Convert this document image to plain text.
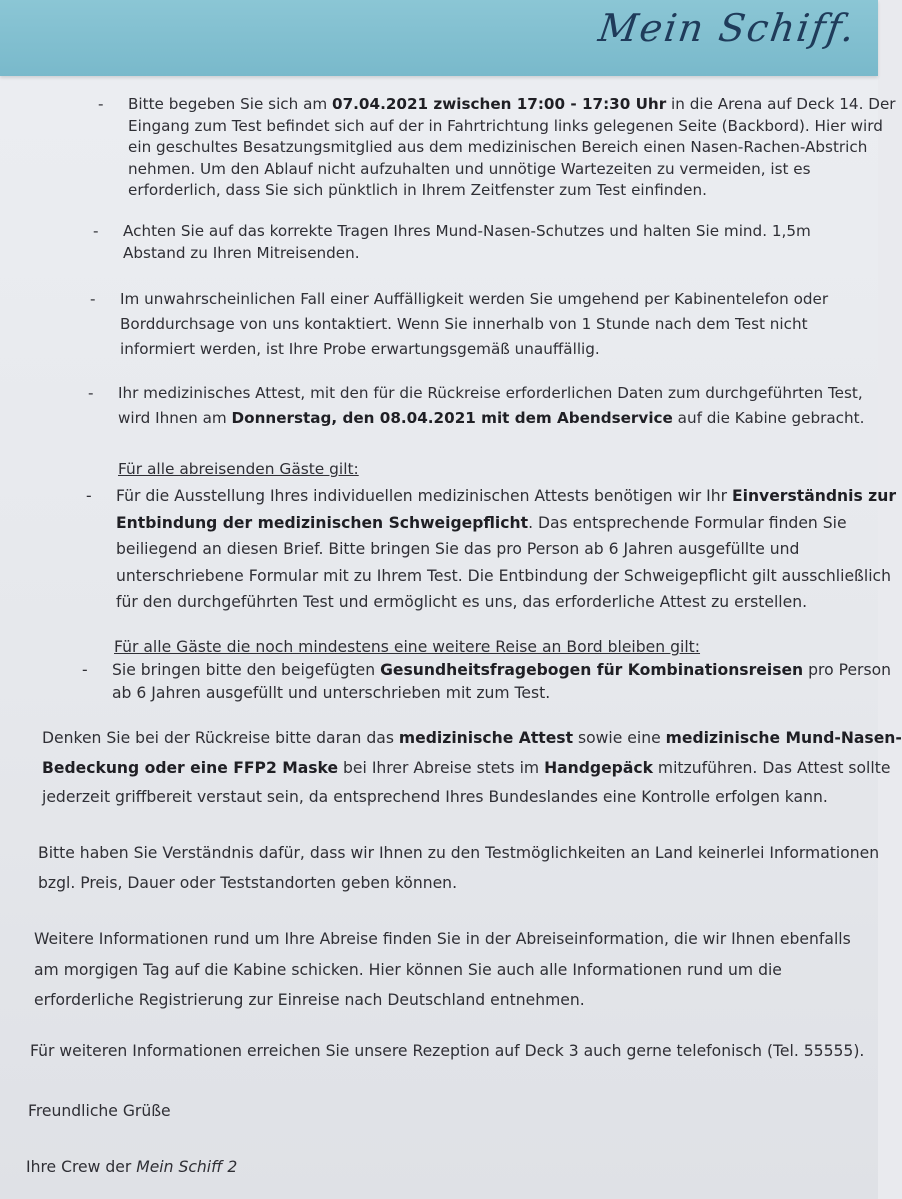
Mein Schiff.
- Bitte begeben Sie sich am 07.04.2021 zwischen 17:00 - 17:30 Uhr in die Arena auf Deck 14. Der
Eingang zum Test befindet sich auf der in Fahrtrichtung links gelegenen Seite (Backbord). Hier wird
ein geschultes Besatzungsmitglied aus dem medizinischen Bereich einen Nasen-Rachen-Abstrich
nehmen. Um den Ablauf nicht aufzuhalten und unnötige Wartezeiten zu vermeiden, ist es
erforderlich, dass Sie sich pünktlich in Ihrem Zeitfenster zum Test einfinden.
- Achten Sie auf das korrekte Tragen Ihres Mund-Nasen-Schutzes und halten Sie mind. 1,5m
Abstand zu Ihren Mitreisenden.
- Im unwahrscheinlichen Fall einer Auffälligkeit werden Sie umgehend per Kabinentelefon oder
Borddurchsage von uns kontaktiert. Wenn Sie innerhalb von 1 Stunde nach dem Test nicht
informiert werden, ist Ihre Probe erwartungsgemäß unauffällig.
- Ihr medizinisches Attest, mit den für die Rückreise erforderlichen Daten zum durchgeführten Test,
wird Ihnen am Donnerstag, den 08.04.2021 mit dem Abendservice auf die Kabine gebracht.
Für alle abreisenden Gäste gilt:
- Für die Ausstellung Ihres individuellen medizinischen Attests benötigen wir Ihr Einverständnis zur
Entbindung der medizinischen Schweigepflicht. Das entsprechende Formular finden Sie
beiliegend an diesen Brief. Bitte bringen Sie das pro Person ab 6 Jahren ausgefüllte und
unterschriebene Formular mit zu Ihrem Test. Die Entbindung der Schweigepflicht gilt ausschließlich
für den durchgeführten Test und ermöglicht es uns, das erforderliche Attest zu erstellen.
Für alle Gäste die noch mindestens eine weitere Reise an Bord bleiben gilt:
- Sie bringen bitte den beigefügten Gesundheitsfragebogen für Kombinationsreisen pro Person
ab 6 Jahren ausgefüllt und unterschrieben mit zum Test.
Denken Sie bei der Rückreise bitte daran das medizinische Attest sowie eine medizinische Mund-Nasen-
Bedeckung oder eine FFP2 Maske bei Ihrer Abreise stets im Handgepäck mitzuführen. Das Attest sollte
jederzeit griffbereit verstaut sein, da entsprechend Ihres Bundeslandes eine Kontrolle erfolgen kann.
Bitte haben Sie Verständnis dafür, dass wir Ihnen zu den Testmöglichkeiten an Land keinerlei Informationen
bzgl. Preis, Dauer oder Teststandorten geben können.
Weitere Informationen rund um Ihre Abreise finden Sie in der Abreiseinformation, die wir Ihnen ebenfalls
am morgigen Tag auf die Kabine schicken. Hier können Sie auch alle Informationen rund um die
erforderliche Registrierung zur Einreise nach Deutschland entnehmen.
Für weiteren Informationen erreichen Sie unsere Rezeption auf Deck 3 auch gerne telefonisch (Tel. 55555).
Freundliche Grüße
Ihre Crew der Mein Schiff 2
